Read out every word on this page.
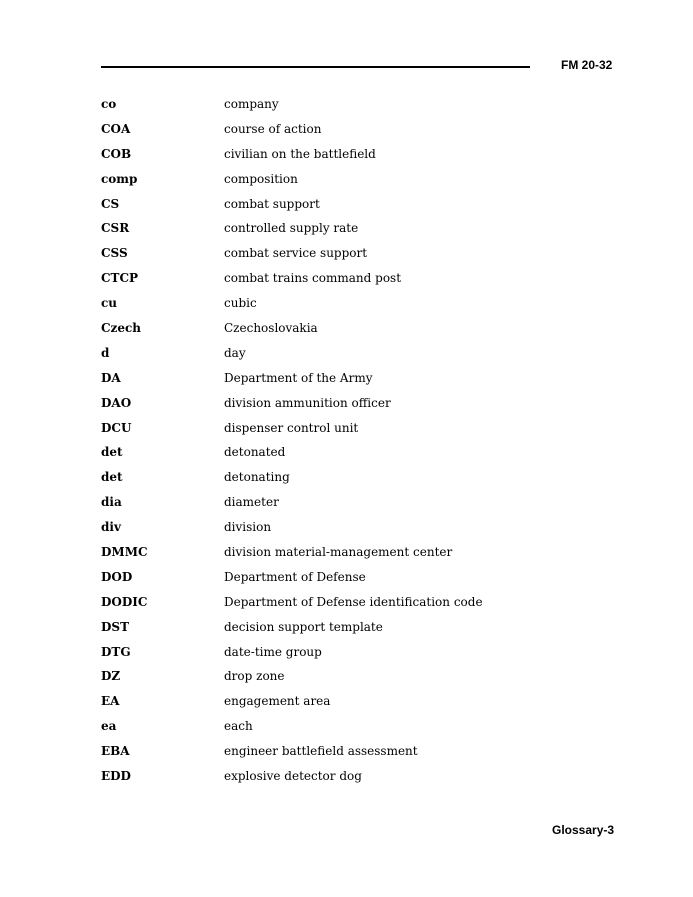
FM 20-32
co	company
COA	course of action
COB	civilian on the battlefield
comp	composition
CS	combat support
CSR	controlled supply rate
CSS	combat service support
CTCP	combat trains command post
cu	cubic
Czech	Czechoslovakia
d	day
DA	Department of the Army
DAO	division ammunition officer
DCU	dispenser control unit
det	detonated
det	detonating
dia	diameter
div	division
DMMC	division material-management center
DOD	Department of Defense
DODIC	Department of Defense identification code
DST	decision support template
DTG	date-time group
DZ	drop zone
EA	engagement area
ea	each
EBA	engineer battlefield assessment
EDD	explosive detector dog
Glossary-3
